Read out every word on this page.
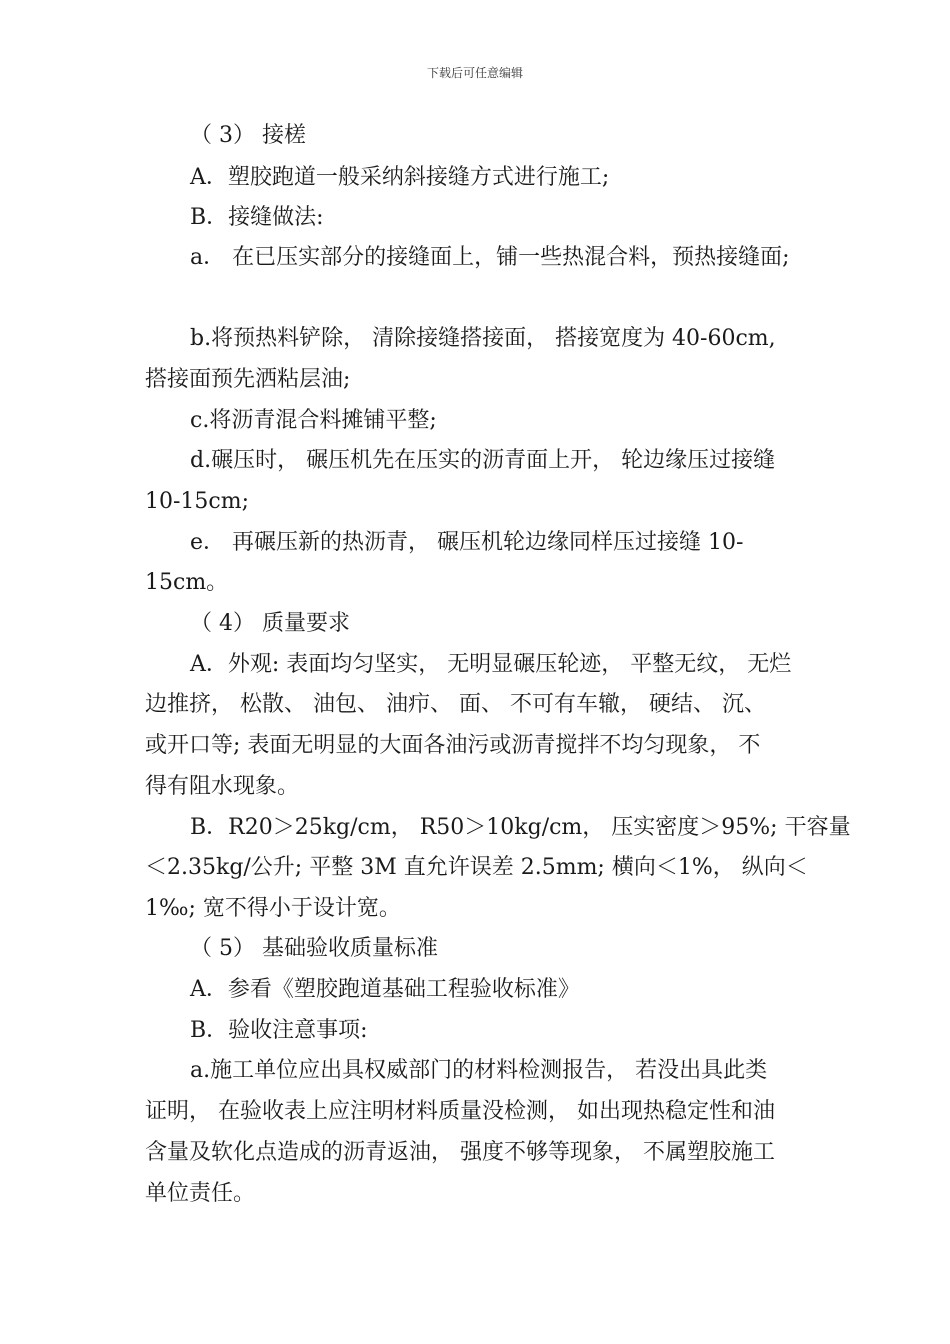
下载后可任意编辑
（ 3） 接槎
A．塑胶跑道一般采纳斜接缝方式进行施工;
B．接缝做法:
a． 在已压实部分的接缝面上，铺一些热混合料，预热接缝面;
b.将预热料铲除， 清除接缝搭接面， 搭接宽度为 40-60cm,
搭接面预先洒粘层油;
c.将沥青混合料摊铺平整;
d.碾压时， 碾压机先在压实的沥青面上开， 轮边缘压过接缝
10-15cm;
e． 再碾压新的热沥青， 碾压机轮边缘同样压过接缝 10-
15cm。
（ 4） 质量要求
A．外观: 表面均匀坚实， 无明显碾压轮迹， 平整无纹， 无烂
边推挤， 松散、 油包、 油疖、 面、 不可有车辙， 硬结、 沉、
或开口等; 表面无明显的大面各油污或沥青搅拌不均匀现象， 不
得有阻水现象。
B．R20＞25kg/cm， R50＞10kg/cm， 压实密度＞95%; 干容量
＜2.35kg/公升; 平整 3M 直允许误差 2.5mm; 横向＜1%， 纵向＜
1‰; 宽不得小于设计宽。
（ 5） 基础验收质量标准
A．参看《塑胶跑道基础工程验收标准》
B．验收注意事项:
a.施工单位应出具权威部门的材料检测报告， 若没出具此类
证明， 在验收表上应注明材料质量没检测， 如出现热稳定性和油
含量及软化点造成的沥青返油， 强度不够等现象， 不属塑胶施工
单位责任。
